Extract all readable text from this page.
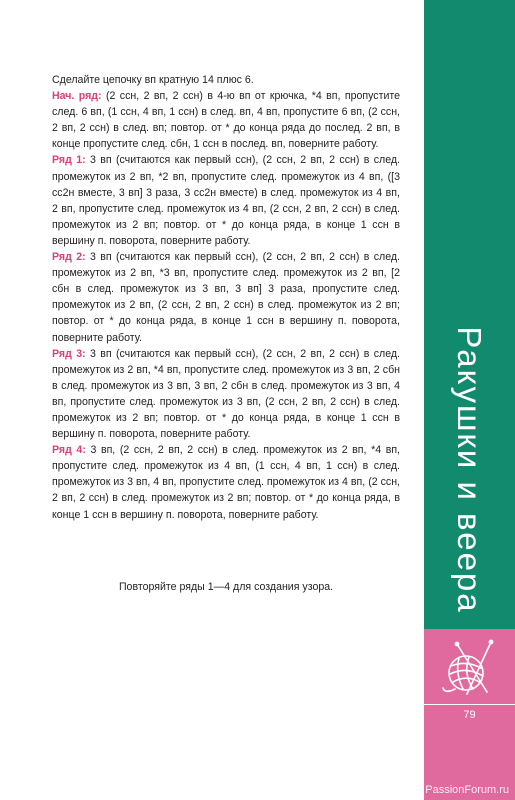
Сделайте цепочку вп кратную 14 плюс 6.

Нач. ряд: (2 ссн, 2 вп, 2 ссн) в 4-ю вп от крючка, *4 вп, пропустите след. 6 вп, (1 ссн, 4 вп, 1 ссн) в след. вп, 4 вп, пропустите 6 вп, (2 ссн, 2 вп, 2 ссн) в след. вп; повтор. от * до конца ряда до послед. 2 вп, в конце пропустите след. сбн, 1 ссн в послед. вп, поверните работу.

Ряд 1: 3 вп (считаются как первый ссн), (2 ссн, 2 вп, 2 ссн) в след. промежуток из 2 вп, *2 вп, пропустите след. промежуток из 4 вп, ([3 сс2н вместе, 3 вп] 3 раза, 3 сс2н вместе) в след. промежуток из 4 вп, 2 вп, пропустите след. промежуток из 4 вп, (2 ссн, 2 вп, 2 ссн) в след. промежуток из 2 вп; повтор. от * до конца ряда, в конце 1 ссн в вершину п. поворота, поверните работу.

Ряд 2: 3 вп (считаются как первый ссн), (2 ссн, 2 вп, 2 ссн) в след. промежуток из 2 вп, *3 вп, пропустите след. промежуток из 2 вп, [2 сбн в след. промежуток из 3 вп, 3 вп] 3 раза, пропустите след. промежуток из 2 вп, (2 ссн, 2 вп, 2 ссн) в след. промежуток из 2 вп; повтор. от * до конца ряда, в конце 1 ссн в вершину п. поворота, поверните работу.

Ряд 3: 3 вп (считаются как первый ссн), (2 ссн, 2 вп, 2 ссн) в след. промежуток из 2 вп, *4 вп, пропустите след. промежуток из 3 вп, 2 сбн в след. промежуток из 3 вп, 3 вп, 2 сбн в след. промежуток из 3 вп, 4 вп, пропустите след. промежуток из 3 вп, (2 ссн, 2 вп, 2 ссн) в след. промежуток из 2 вп; повтор. от * до конца ряда, в конце 1 ссн в вершину п. поворота, поверните работу.

Ряд 4: 3 вп, (2 ссн, 2 вп, 2 ссн) в след. промежуток из 2 вп, *4 вп, пропустите след. промежуток из 4 вп, (1 ссн, 4 вп, 1 ссн) в след. промежуток из 3 вп, 4 вп, пропустите след. промежуток из 4 вп, (2 ссн, 2 вп, 2 ссн) в след. промежуток из 2 вп; повтор. от * до конца ряда, в конце 1 ссн в вершину п. поворота, поверните работу.

Повторяйте ряды 1—4 для создания узора.	Ракушки и веера
79
PassionForum.ru
